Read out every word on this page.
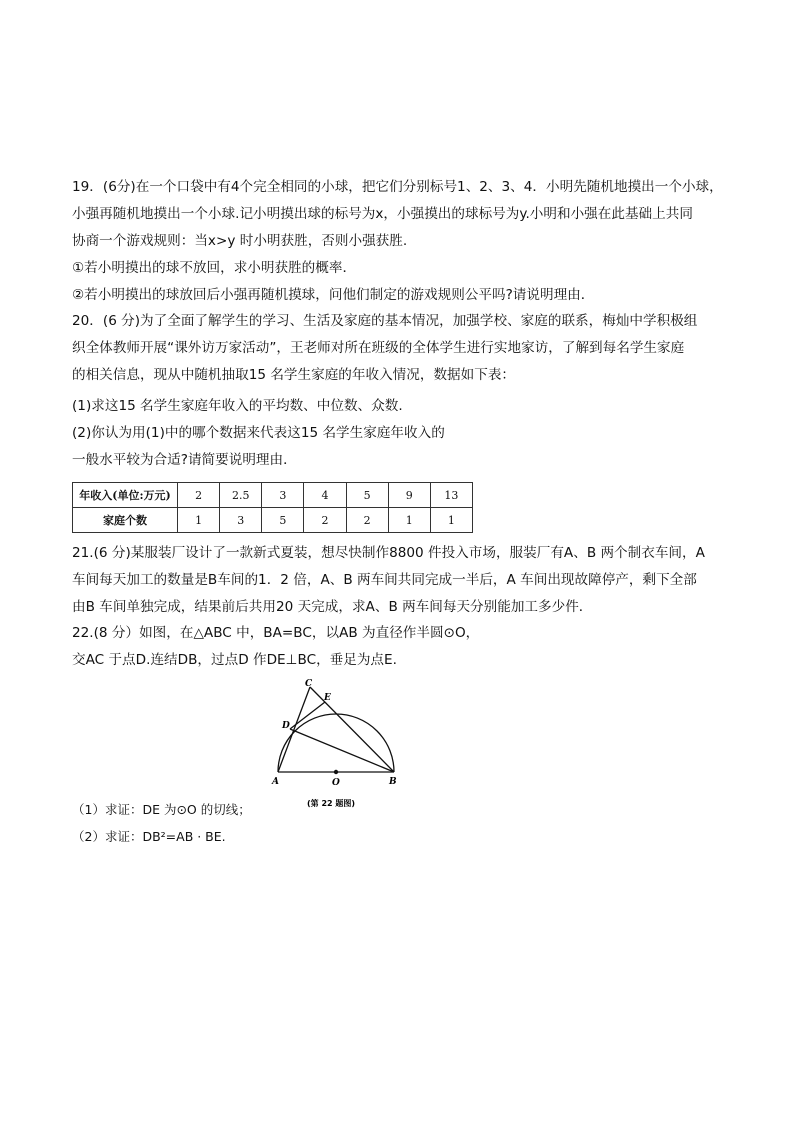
19．(6分)在一个口袋中有4个完全相同的小球，把它们分别标号1、2、3、4．小明先随机地摸出一个小球，
小强再随机地摸出一个小球.记小明摸出球的标号为x，小强摸出的球标号为y.小明和小强在此基础上共同
协商一个游戏规则：当x>y 时小明获胜，否则小强获胜.
①若小明摸出的球不放回，求小明获胜的概率．
②若小明摸出的球放回后小强再随机摸球，问他们制定的游戏规则公平吗?请说明理由．
20．(6 分)为了全面了解学生的学习、生活及家庭的基本情况，加强学校、家庭的联系，梅灿中学积极组
织全体教师开展“课外访万家活动”，王老师对所在班级的全体学生进行实地家访，了解到每名学生家庭
的相关信息，现从中随机抽取15 名学生家庭的年收入情况，数据如下表：
(1)求这15 名学生家庭年收入的平均数、中位数、众数.
(2)你认为用(1)中的哪个数据来代表这15 名学生家庭年收入的
一般水平较为合适?请简要说明理由．
年收入(单位:万元)	2	2.5	3	4	5	9	13
家庭个数	1	3	5	2	2	1	1
21.(6 分)某服装厂设计了一款新式夏装，想尽快制作8800 件投入市场，服装厂有A、B 两个制衣车间，A
车间每天加工的数量是B车间的1．2 倍，A、B 两车间共同完成一半后，A 车间出现故障停产，剩下全部
由B 车间单独完成，结果前后共用20 天完成，求A、B 两车间每天分别能加工多少件．
22.(8 分）如图，在△ABC 中，BA=BC，以AB 为直径作半圆⊙O，
交AC 于点D.连结DB，过点D 作DE⊥BC，垂足为点E.
C
E
D
A	O	B
(第 22 题图)
（1）求证：DE 为⊙O 的切线；
（2）求证：DB²=AB · BE.
